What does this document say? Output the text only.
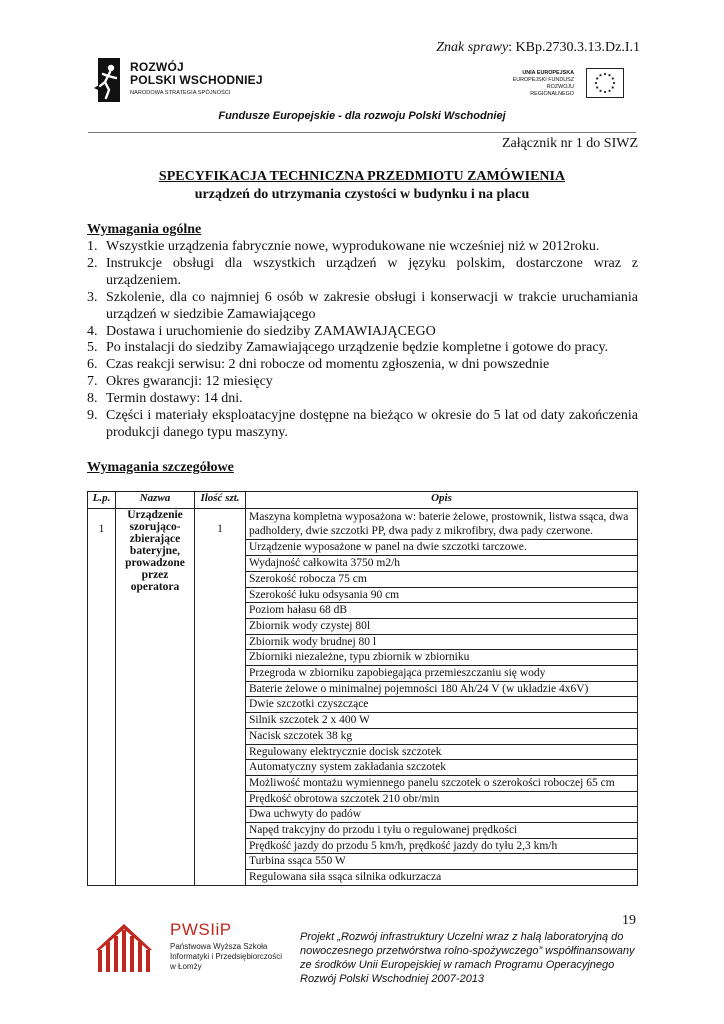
Znak sprawy: KBp.2730.3.13.Dz.I.1
ROZWÓJ
POLSKI WSCHODNIEJ
NARODOWA STRATEGIA SPÓJNOŚCI
UNIA EUROPEJSKA
EUROPEJSKI FUNDUSZ
ROZWOJU REGIONALNEGO
Fundusze Europejskie - dla rozwoju Polski Wschodniej
Załącznik nr 1 do SIWZ
SPECYFIKACJA TECHNICZNA PRZEDMIOTU ZAMÓWIENIA
urządzeń do utrzymania czystości w budynku i na placu
Wymagania ogólne
1. Wszystkie urządzenia fabrycznie nowe, wyprodukowane nie wcześniej niż w 2012roku.
2. Instrukcje obsługi dla wszystkich urządzeń w języku polskim, dostarczone wraz z urządzeniem.
3. Szkolenie, dla co najmniej 6 osób w zakresie obsługi i konserwacji w trakcie uruchamiania urządzeń w siedzibie Zamawiającego
4. Dostawa i uruchomienie do siedziby ZAMAWIAJĄCEGO
5. Po instalacji do siedziby Zamawiającego urządzenie będzie kompletne i gotowe do pracy.
6. Czas reakcji serwisu: 2 dni robocze od momentu zgłoszenia, w dni powszednie
7. Okres gwarancji: 12 miesięcy
8. Termin dostawy: 14 dni.
9. Części i materiały eksploatacyjne dostępne na bieżąco w okresie do 5 lat od daty zakończenia produkcji danego typu maszyny.
Wymagania szczegółowe
L.p.	Nazwa	Ilość szt.	Opis
1	Urządzenie szorująco-zbierające bateryjne, prowadzone przez operatora	1	Maszyna kompletna wyposażona w: baterie żelowe, prostownik, listwa ssąca, dwa padholdery, dwie szczotki PP, dwa pady z mikrofibry, dwa pady czerwone.
			Urządzenie wyposażone w panel na dwie szczotki tarczowe.
			Wydajność całkowita 3750 m2/h
			Szerokość robocza 75 cm
			Szerokość łuku odsysania 90 cm
			Poziom hałasu 68 dB
			Zbiornik wody czystej 80l
			Zbiornik wody brudnej 80 l
			Zbiorniki niezależne, typu zbiornik w zbiorniku
			Przegroda w zbiorniku zapobiegająca przemieszczaniu się wody
			Baterie żelowe o minimalnej pojemności 180 Ah/24 V (w układzie 4x6V)
			Dwie szczotki czyszczące
			Silnik szczotek 2 x 400 W
			Nacisk szczotek 38 kg
			Regulowany elektrycznie docisk szczotek
			Automatyczny system zakładania szczotek
			Możliwość montażu wymiennego panelu szczotek o szerokości roboczej 65 cm
			Prędkość obrotowa szczotek 210 obr/min
			Dwa uchwyty do padów
			Napęd trakcyjny do przodu i tyłu o regulowanej prędkości
			Prędkość jazdy do przodu 5 km/h, prędkość jazdy do tyłu 2,3 km/h
			Turbina ssąca 550 W
			Regulowana siła ssąca silnika odkurzacza
19
PWSIiP
Państwowa Wyższa Szkoła
Informatyki i Przedsiębiorczości
w Łomży
Projekt „Rozwój infrastruktury Uczelni wraz z halą laboratoryjną do nowoczesnego przetwórstwa rolno-spożywczego” współfinansowany ze środków Unii Europejskiej w ramach Programu Operacyjnego Rozwój Polski Wschodniej 2007-2013
